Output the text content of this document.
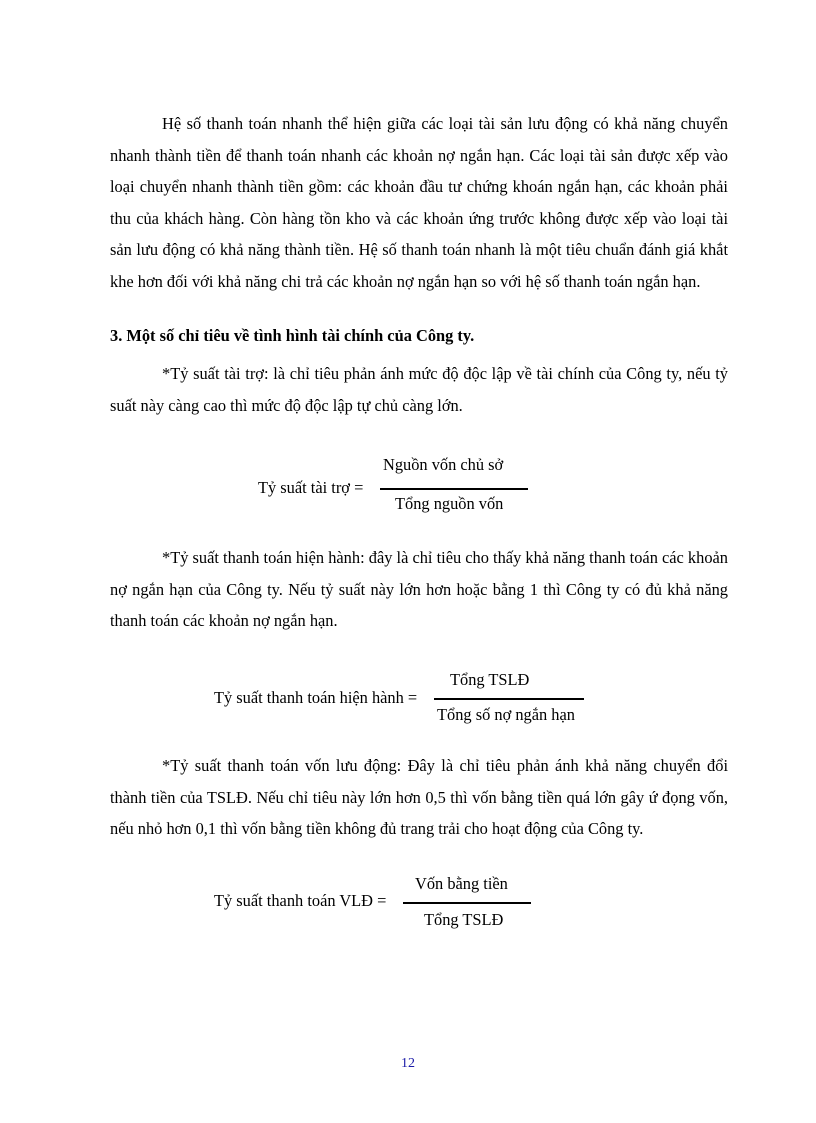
Hệ số thanh toán nhanh thể hiện giữa các loại tài sản lưu động có khả năng chuyển nhanh thành tiền để thanh toán nhanh các khoản nợ ngắn hạn. Các loại tài sản được xếp vào loại chuyển nhanh thành tiền gồm: các khoản đầu tư chứng khoán ngắn hạn, các khoản phải thu của khách hàng. Còn hàng tồn kho và các khoản ứng trước không được xếp vào loại tài sản lưu động có khả năng thành tiền. Hệ số thanh toán nhanh là một tiêu chuẩn đánh giá khắt khe hơn đối với khả năng chi trả các khoản nợ ngắn hạn so với hệ số thanh toán ngắn hạn.

3. Một số chỉ tiêu về tình hình tài chính của Công ty.

*Tỷ suất tài trợ: là chỉ tiêu phản ánh mức độ độc lập về tài chính của Công ty, nếu tỷ suất này càng cao thì mức độ độc lập tự chủ càng lớn.

Tỷ suất tài trợ =
Nguồn vốn chủ sở
Tổng nguồn vốn

*Tỷ suất thanh toán hiện hành: đây là chỉ tiêu cho thấy khả năng thanh toán các khoản nợ ngắn hạn của Công ty. Nếu tỷ suất này lớn hơn hoặc bằng 1 thì Công ty có đủ khả năng thanh toán các khoản nợ ngắn hạn.

Tỷ suất thanh toán hiện hành =
Tổng TSLĐ
Tổng số nợ ngắn hạn

*Tỷ suất thanh toán vốn lưu động: Đây là chỉ tiêu phản ánh khả năng chuyển đổi thành tiền của TSLĐ. Nếu chỉ tiêu này lớn hơn 0,5 thì vốn bằng tiền quá lớn gây ứ đọng vốn, nếu nhỏ hơn 0,1 thì vốn bằng tiền không đủ trang trải cho hoạt động của Công ty.

Tỷ suất thanh toán VLĐ =
Vốn bằng tiền
Tổng TSLĐ
12
